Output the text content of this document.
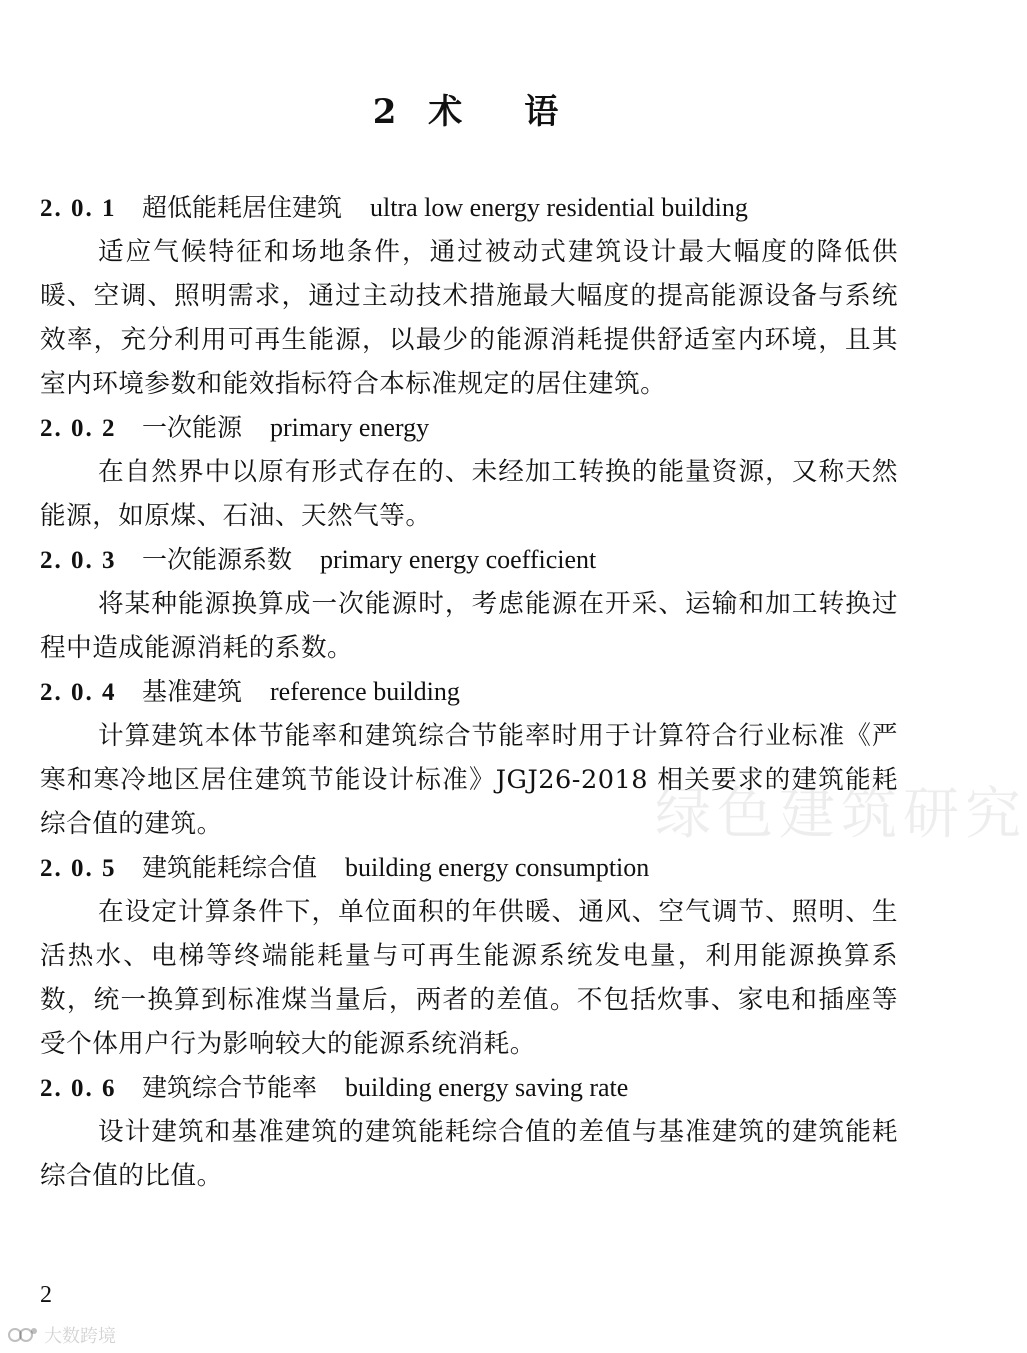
2 术 语
2. 0. 1 超低能耗居住建筑 ultra low energy residential building

适应气候特征和场地条件，通过被动式建筑设计最大幅度的降低供暖、空调、照明需求，通过主动技术措施最大幅度的提高能源设备与系统效率，充分利用可再生能源，以最少的能源消耗提供舒适室内环境，且其室内环境参数和能效指标符合本标准规定的居住建筑。

2. 0. 2 一次能源 primary energy

在自然界中以原有形式存在的、未经加工转换的能量资源，又称天然能源，如原煤、石油、天然气等。

2. 0. 3 一次能源系数 primary energy coefficient

将某种能源换算成一次能源时，考虑能源在开采、运输和加工转换过程中造成能源消耗的系数。

2. 0. 4 基准建筑 reference building

计算建筑本体节能率和建筑综合节能率时用于计算符合行业标准《严寒和寒冷地区居住建筑节能设计标准》JGJ26-2018 相关要求的建筑能耗综合值的建筑。

2. 0. 5 建筑能耗综合值 building energy consumption

在设定计算条件下，单位面积的年供暖、通风、空气调节、照明、生活热水、电梯等终端能耗量与可再生能源系统发电量，利用能源换算系数，统一换算到标准煤当量后，两者的差值。不包括炊事、家电和插座等受个体用户行为影响较大的能源系统消耗。

2. 0. 6 建筑综合节能率 building energy saving rate

设计建筑和基准建筑的建筑能耗综合值的差值与基准建筑的建筑能耗综合值的比值。

绿色建筑研究
2
大数跨境
